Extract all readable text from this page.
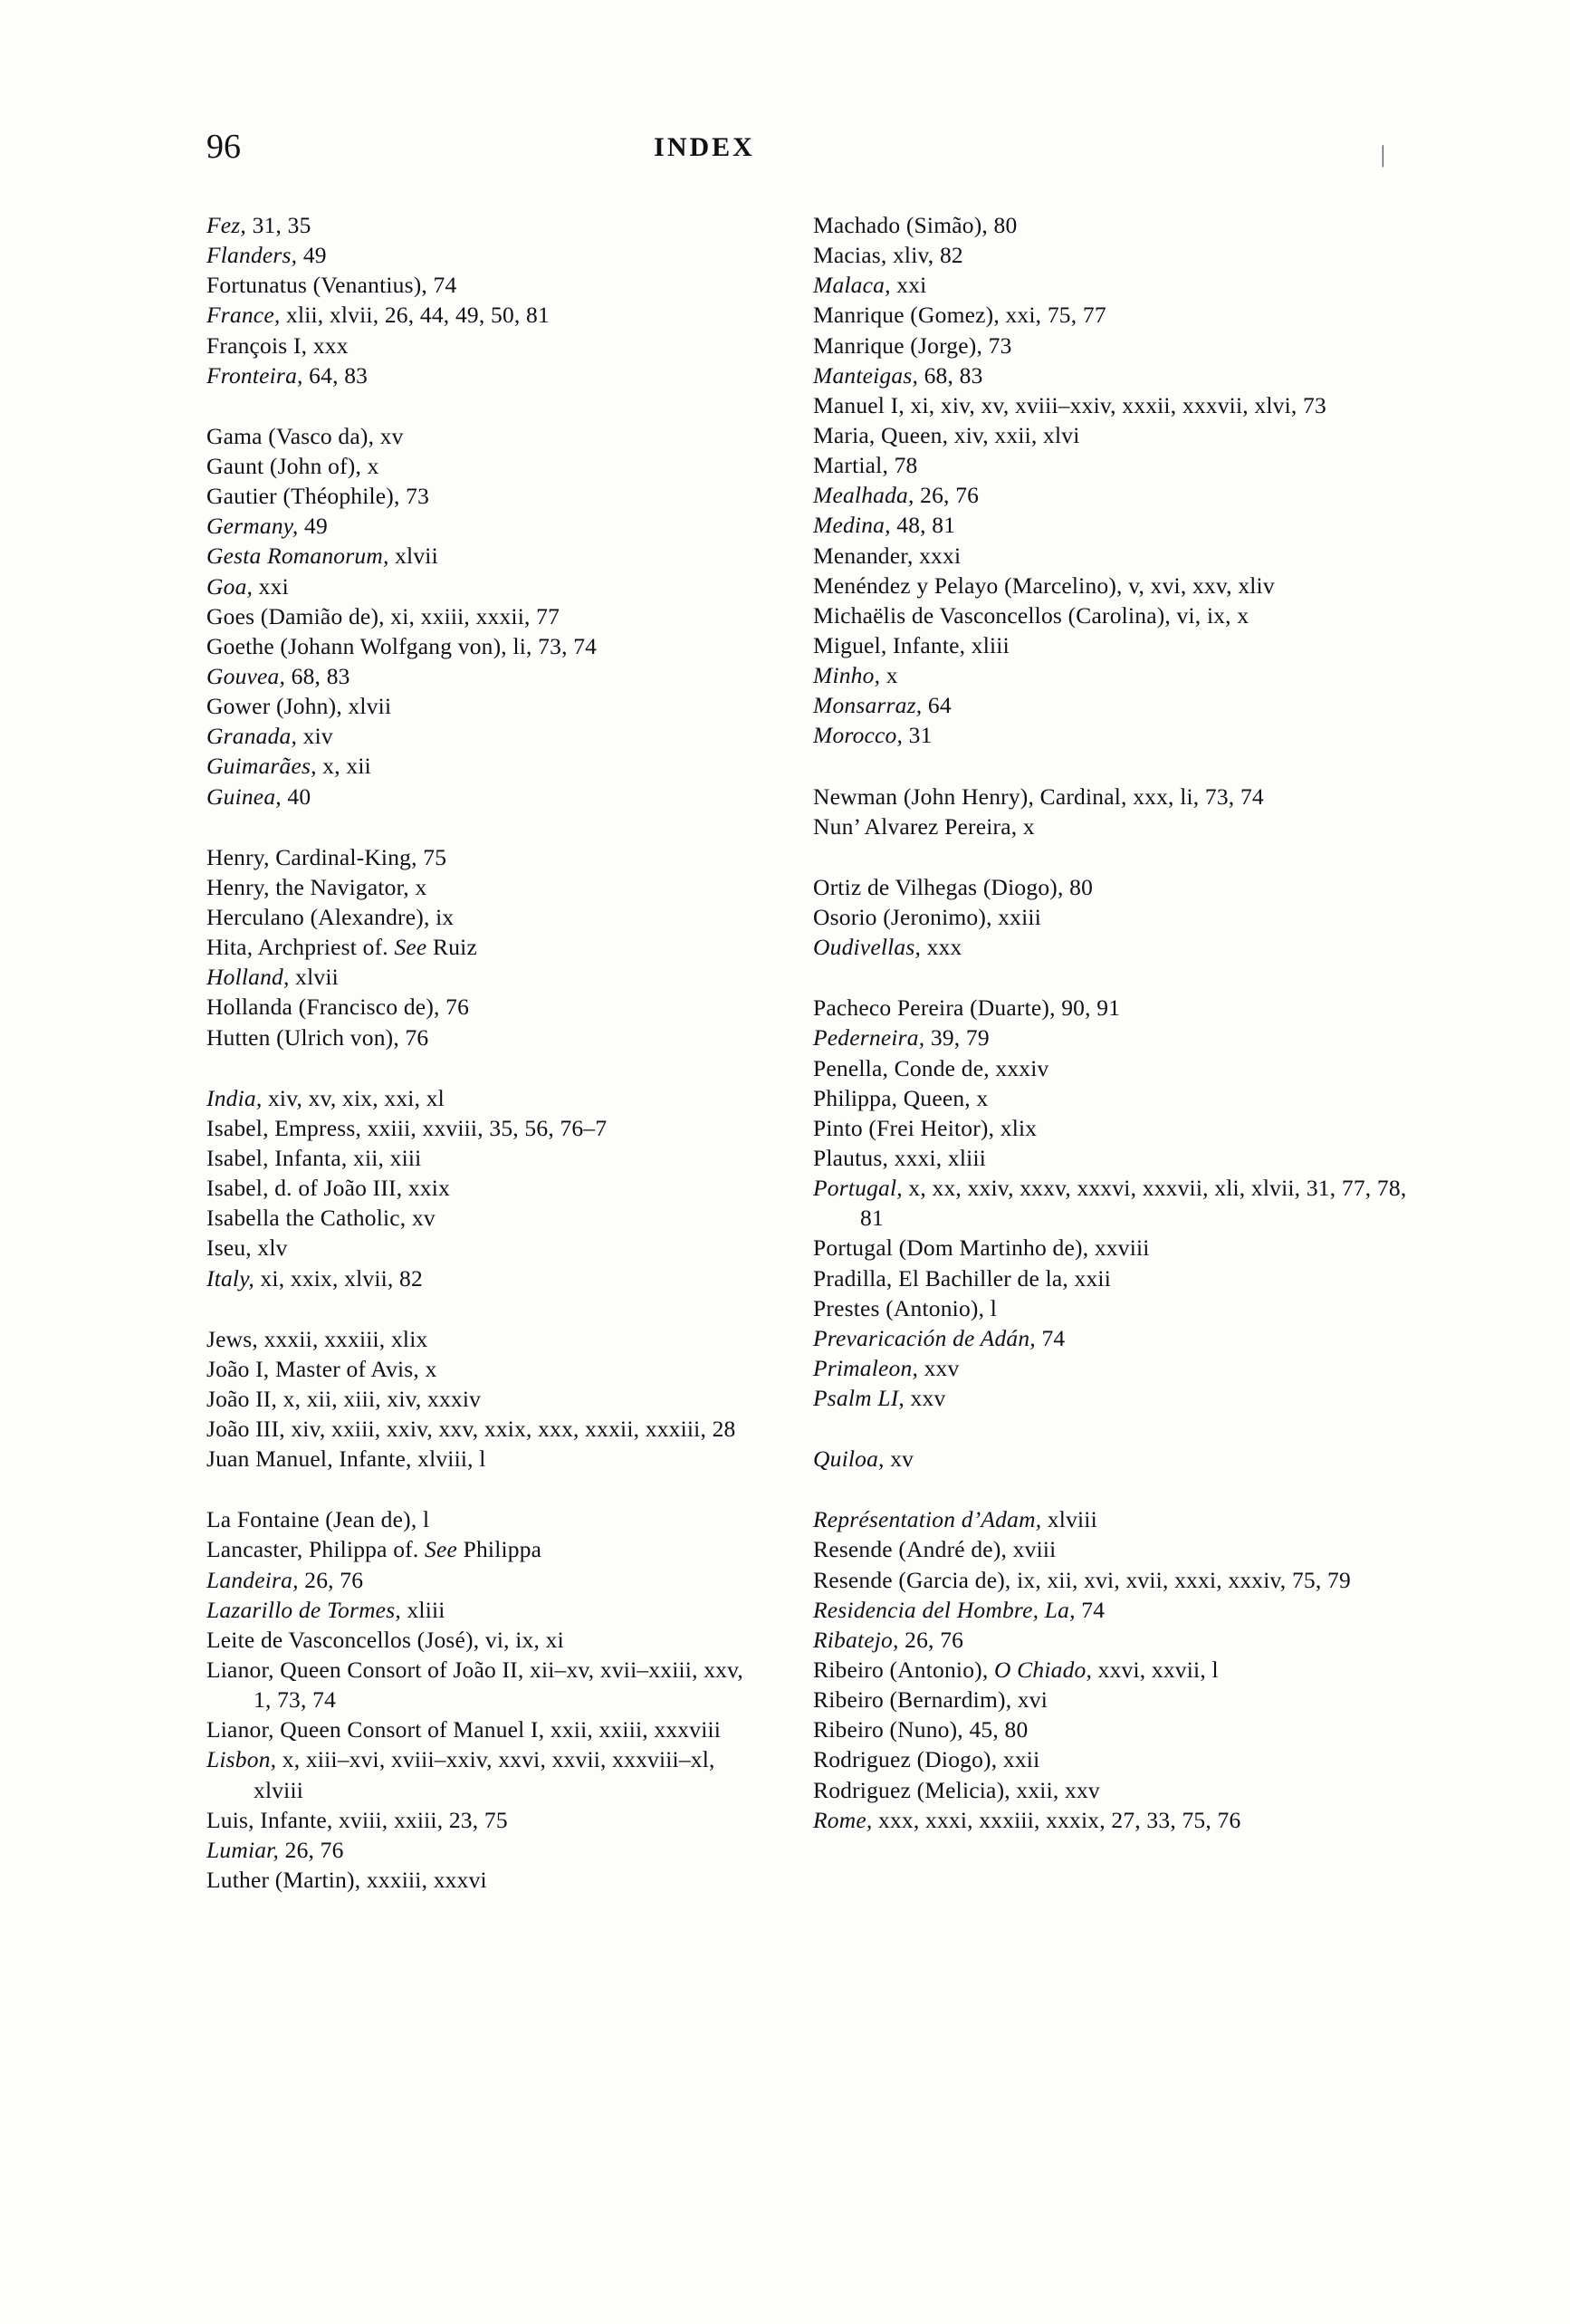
96	INDEX	|

Fez, 31, 35

Flanders, 49

Fortunatus (Venantius), 74

France, xlii, xlvii, 26, 44, 49, 50, 81

François I, xxx

Fronteira, 64, 83

Gama (Vasco da), xv

Gaunt (John of), x

Gautier (Théophile), 73

Germany, 49

Gesta Romanorum, xlvii

Goa, xxi

Goes (Damião de), xi, xxiii, xxxii, 77

Goethe (Johann Wolfgang von), li, 73, 74

Gouvea, 68, 83

Gower (John), xlvii

Granada, xiv

Guimarães, x, xii

Guinea, 40

Henry, Cardinal-King, 75

Henry, the Navigator, x

Herculano (Alexandre), ix

Hita, Archpriest of. See Ruiz

Holland, xlvii

Hollanda (Francisco de), 76

Hutten (Ulrich von), 76

India, xiv, xv, xix, xxi, xl

Isabel, Empress, xxiii, xxviii, 35, 56, 76–7

Isabel, Infanta, xii, xiii

Isabel, d. of João III, xxix

Isabella the Catholic, xv

Iseu, xlv

Italy, xi, xxix, xlvii, 82

Jews, xxxii, xxxiii, xlix

João I, Master of Avis, x

João II, x, xii, xiii, xiv, xxxiv

João III, xiv, xxiii, xxiv, xxv, xxix, xxx, xxxii, xxxiii, 28

Juan Manuel, Infante, xlviii, l

La Fontaine (Jean de), l

Lancaster, Philippa of. See Philippa

Landeira, 26, 76

Lazarillo de Tormes, xliii

Leite de Vasconcellos (José), vi, ix, xi

Lianor, Queen Consort of João II, xii–xv, xvii–xxiii, xxv, 1, 73, 74

Lianor, Queen Consort of Manuel I, xxii, xxiii, xxxviii

Lisbon, x, xiii–xvi, xviii–xxiv, xxvi, xxvii, xxxviii–xl, xlviii

Luis, Infante, xviii, xxiii, 23, 75

Lumiar, 26, 76

Luther (Martin), xxxiii, xxxvi

Machado (Simão), 80

Macias, xliv, 82

Malaca, xxi

Manrique (Gomez), xxi, 75, 77

Manrique (Jorge), 73

Manteigas, 68, 83

Manuel I, xi, xiv, xv, xviii–xxiv, xxxii, xxxvii, xlvi, 73

Maria, Queen, xiv, xxii, xlvi

Martial, 78

Mealhada, 26, 76

Medina, 48, 81

Menander, xxxi

Menéndez y Pelayo (Marcelino), v, xvi, xxv, xliv

Michaëlis de Vasconcellos (Carolina), vi, ix, x

Miguel, Infante, xliii

Minho, x

Monsarraz, 64

Morocco, 31

Newman (John Henry), Cardinal, xxx, li, 73, 74

Nun’ Alvarez Pereira, x

Ortiz de Vilhegas (Diogo), 80

Osorio (Jeronimo), xxiii

Oudivellas, xxx

Pacheco Pereira (Duarte), 90, 91

Pederneira, 39, 79

Penella, Conde de, xxxiv

Philippa, Queen, x

Pinto (Frei Heitor), xlix

Plautus, xxxi, xliii

Portugal, x, xx, xxiv, xxxv, xxxvi, xxxvii, xli, xlvii, 31, 77, 78, 81

Portugal (Dom Martinho de), xxviii

Pradilla, El Bachiller de la, xxii

Prestes (Antonio), l

Prevaricación de Adán, 74

Primaleon, xxv

Psalm LI, xxv

Quiloa, xv

Représentation d’Adam, xlviii

Resende (André de), xviii

Resende (Garcia de), ix, xii, xvi, xvii, xxxi, xxxiv, 75, 79

Residencia del Hombre, La, 74

Ribatejo, 26, 76

Ribeiro (Antonio), O Chiado, xxvi, xxvii, l

Ribeiro (Bernardim), xvi

Ribeiro (Nuno), 45, 80

Rodriguez (Diogo), xxii

Rodriguez (Melicia), xxii, xxv

Rome, xxx, xxxi, xxxiii, xxxix, 27, 33, 75, 76
